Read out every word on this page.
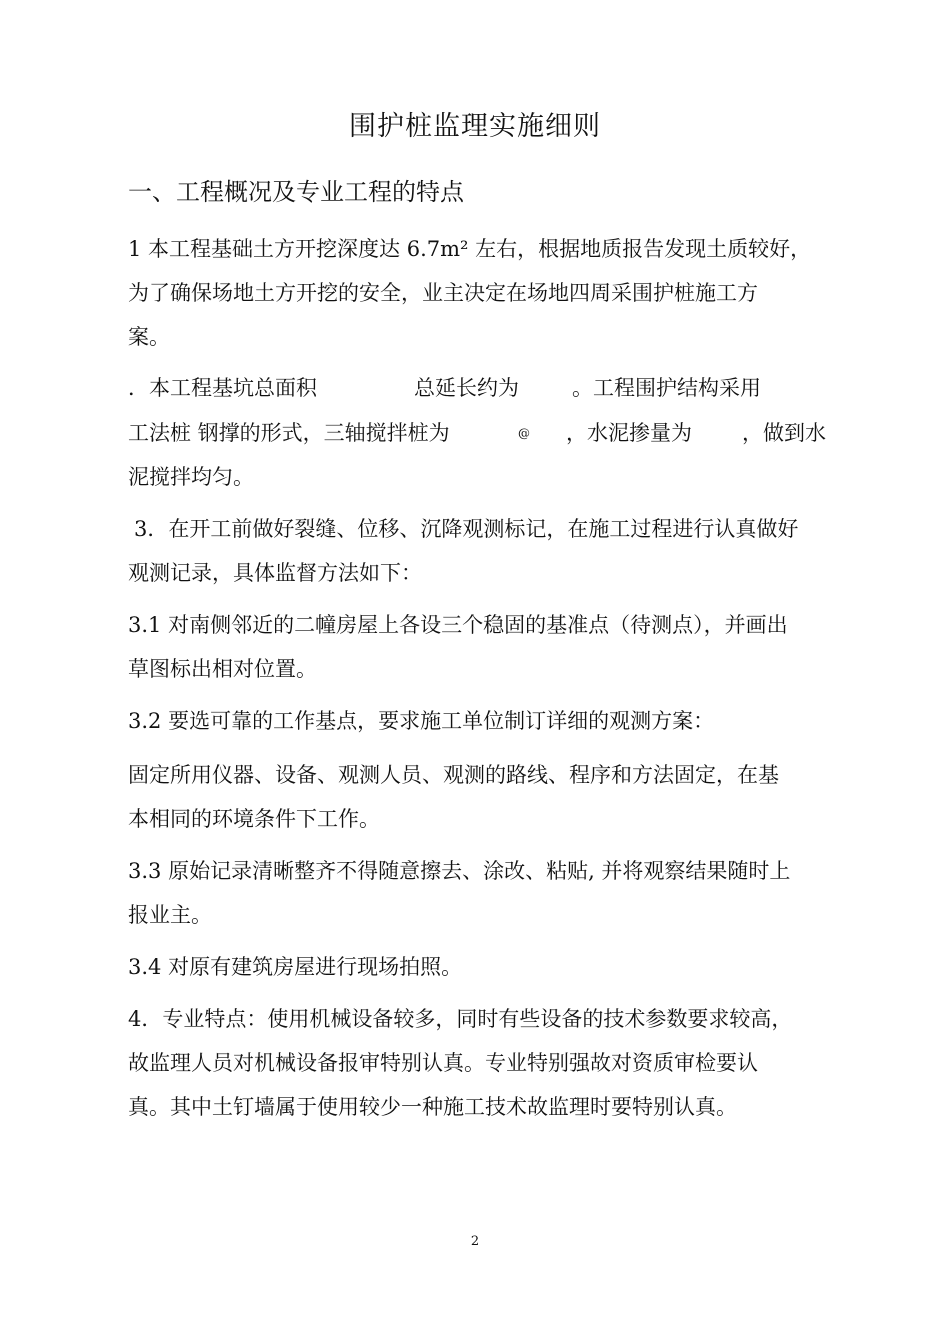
围护桩监理实施细则
一、工程概况及专业工程的特点
1 本工程基础土方开挖深度达 6.7m² 左右，根据地质报告发现土质较好，
为了确保场地土方开挖的安全，业主决定在场地四周采围护桩施工方
案。
．本工程基坑总面积	总延长约为	。工程围护结构采用
工法桩 钢撑的形式，三轴搅拌桩为	@ ，水泥掺量为 ，做到水
泥搅拌均匀。
3．在开工前做好裂缝、位移、沉降观测标记，在施工过程进行认真做好
观测记录，具体监督方法如下：
3.1 对南侧邻近的二幢房屋上各设三个稳固的基准点（待测点），并画出
草图标出相对位置。
3.2 要选可靠的工作基点，要求施工单位制订详细的观测方案：
固定所用仪器、设备、观测人员、观测的路线、程序和方法固定，在基
本相同的环境条件下工作。
3.3 原始记录清晰整齐不得随意擦去、涂改、粘贴, 并将观察结果随时上
报业主。
3.4 对原有建筑房屋进行现场拍照。
4．专业特点：使用机械设备较多，同时有些设备的技术参数要求较高，
故监理人员对机械设备报审特别认真。专业特别强故对资质审检要认
真。其中土钉墙属于使用较少一种施工技术故监理时要特别认真。
2
